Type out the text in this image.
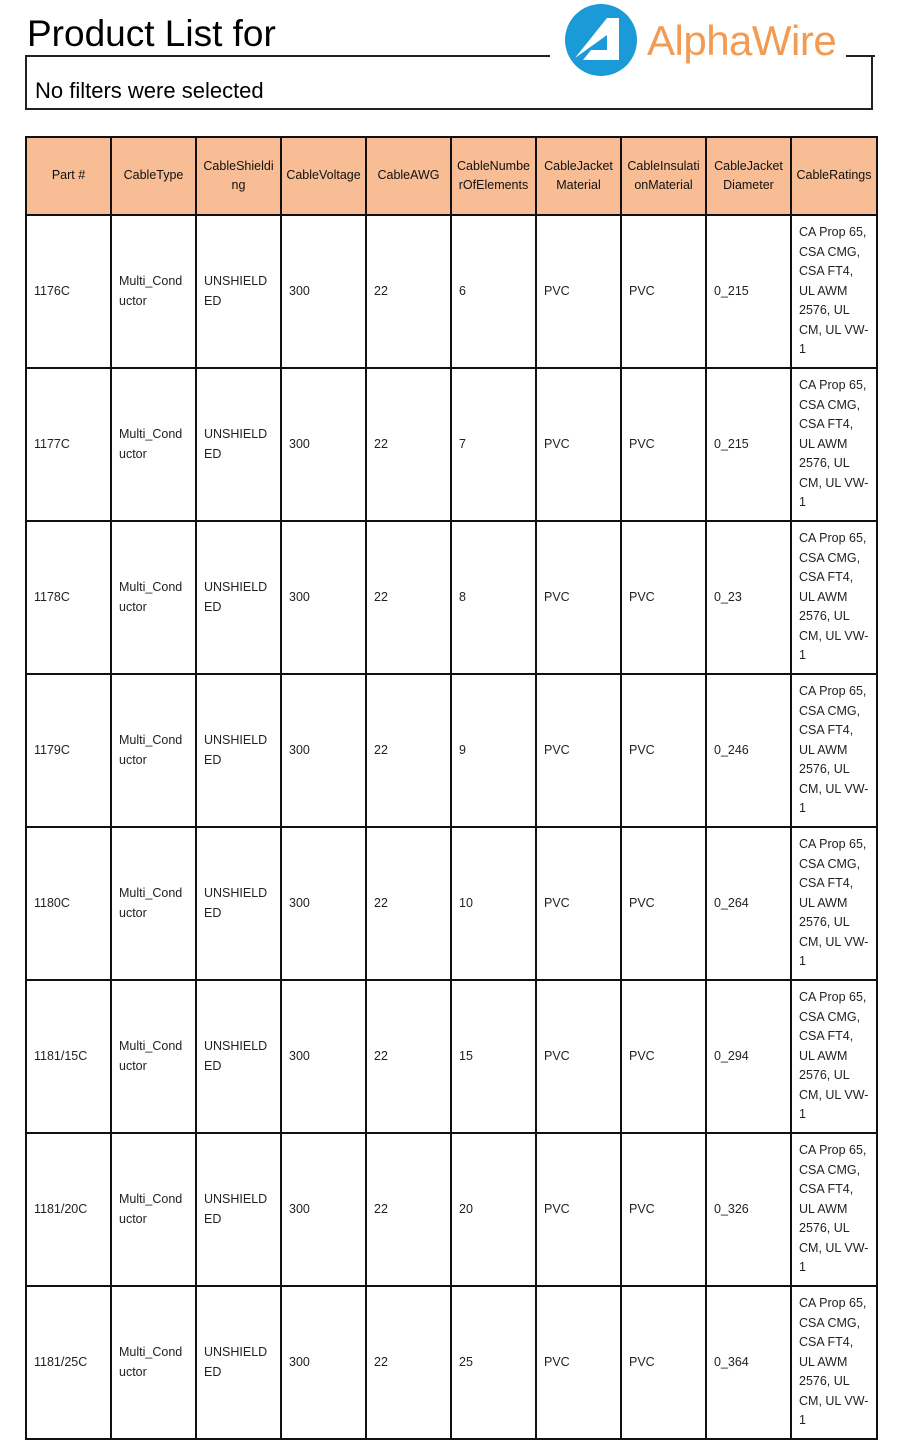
Product List for	AlphaWire
No filters were selected
Part #	CableType	CableShielding	CableVoltage	CableAWG	CableNumberOfElements	CableJacketMaterial	CableInsulationMaterial	CableJacketDiameter	CableRatings
1176C	Multi_Conductor	UNSHIELDED	300	22	6	PVC	PVC	0_215	CA Prop 65, CSA CMG, CSA FT4, UL AWM 2576, UL CM, UL VW-1
1177C	Multi_Conductor	UNSHIELDED	300	22	7	PVC	PVC	0_215	CA Prop 65, CSA CMG, CSA FT4, UL AWM 2576, UL CM, UL VW-1
1178C	Multi_Conductor	UNSHIELDED	300	22	8	PVC	PVC	0_23	CA Prop 65, CSA CMG, CSA FT4, UL AWM 2576, UL CM, UL VW-1
1179C	Multi_Conductor	UNSHIELDED	300	22	9	PVC	PVC	0_246	CA Prop 65, CSA CMG, CSA FT4, UL AWM 2576, UL CM, UL VW-1
1180C	Multi_Conductor	UNSHIELDED	300	22	10	PVC	PVC	0_264	CA Prop 65, CSA CMG, CSA FT4, UL AWM 2576, UL CM, UL VW-1
1181/15C	Multi_Conductor	UNSHIELDED	300	22	15	PVC	PVC	0_294	CA Prop 65, CSA CMG, CSA FT4, UL AWM 2576, UL CM, UL VW-1
1181/20C	Multi_Conductor	UNSHIELDED	300	22	20	PVC	PVC	0_326	CA Prop 65, CSA CMG, CSA FT4, UL AWM 2576, UL CM, UL VW-1
1181/25C	Multi_Conductor	UNSHIELDED	300	22	25	PVC	PVC	0_364	CA Prop 65, CSA CMG, CSA FT4, UL AWM 2576, UL CM, UL VW-1
